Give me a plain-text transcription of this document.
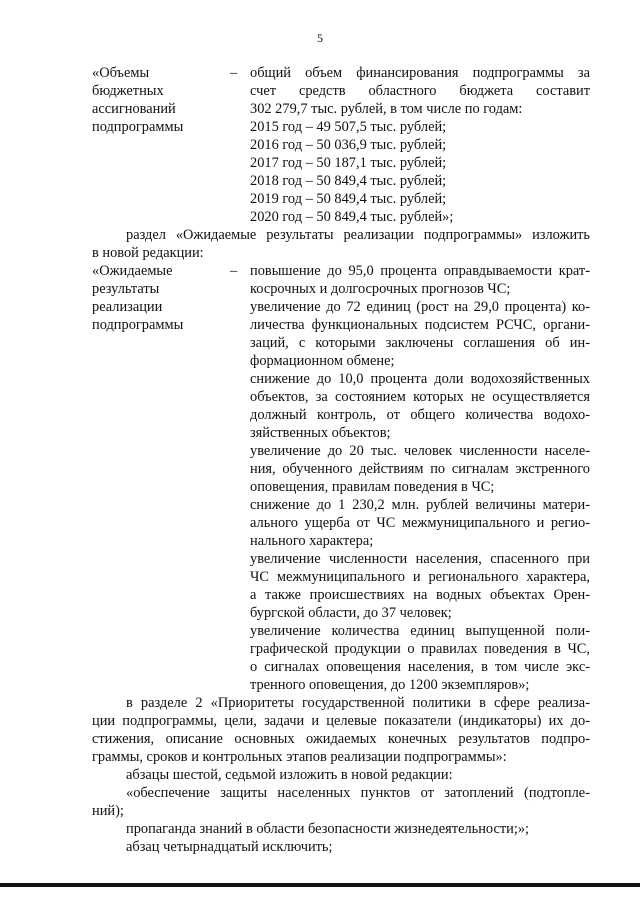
5
«Объемы
бюджетных
ассигнований
подпрограммы
– общий объем финансирования подпрограммы за
счет средств областного бюджета составит
302 279,7 тыс. рублей, в том числе по годам:
2015 год – 49 507,5 тыс. рублей;
2016 год – 50 036,9 тыс. рублей;
2017 год – 50 187,1 тыс. рублей;
2018 год – 50 849,4 тыс. рублей;
2019 год – 50 849,4 тыс. рублей;
2020 год – 50 849,4 тыс. рублей»;
раздел «Ожидаемые результаты реализации подпрограммы» изложить
в новой редакции:
«Ожидаемые
результаты
реализации
подпрограммы
– повышение до 95,0 процента оправдываемости крат-
косрочных и долгосрочных прогнозов ЧС;
увеличение до 72 единиц (рост на 29,0 процента) ко-
личества функциональных подсистем РСЧС, органи-
заций, с которыми заключены соглашения об ин-
формационном обмене;
снижение до 10,0 процента доли водохозяйственных
объектов, за состоянием которых не осуществляется
должный контроль, от общего количества водохо-
зяйственных объектов;
увеличение до 20 тыс. человек численности населе-
ния, обученного действиям по сигналам экстренного
оповещения, правилам поведения в ЧС;
снижение до 1 230,2 млн. рублей величины матери-
ального ущерба от ЧС межмуниципального и регио-
нального характера;
увеличение численности населения, спасенного при
ЧС межмуниципального и регионального характера,
а также происшествиях на водных объектах Орен-
бургской области, до 37 человек;
увеличение количества единиц выпущенной поли-
графической продукции о правилах поведения в ЧС,
о сигналах оповещения населения, в том числе экс-
тренного оповещения, до 1200 экземпляров»;
в разделе 2 «Приоритеты государственной политики в сфере реализа-
ции подпрограммы, цели, задачи и целевые показатели (индикаторы) их до-
стижения, описание основных ожидаемых конечных результатов подпро-
граммы, сроков и контрольных этапов реализации подпрограммы»:
абзацы шестой, седьмой изложить в новой редакции:
«обеспечение защиты населенных пунктов от затоплений (подтопле-
ний);
пропаганда знаний в области безопасности жизнедеятельности;»;
абзац четырнадцатый исключить;
